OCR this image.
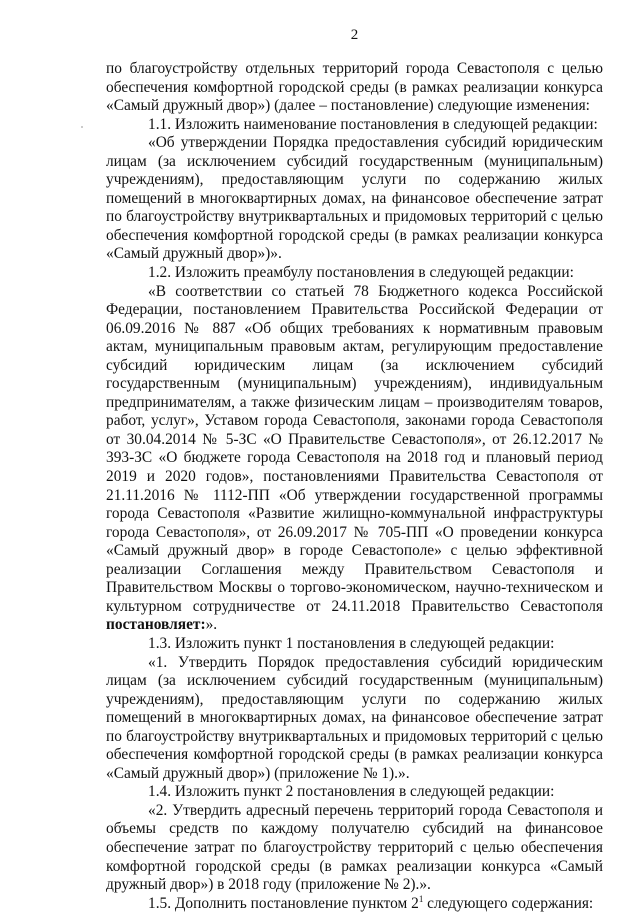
2

по благоустройству отдельных территорий города Севастополя с целью обеспечения комфортной городской среды (в рамках реализации конкурса «Самый дружный двор») (далее – постановление) следующие изменения:

1.1. Изложить наименование постановления в следующей редакции:

«Об утверждении Порядка предоставления субсидий юридическим лицам (за исключением субсидий государственным (муниципальным) учреждениям), предоставляющим услуги по содержанию жилых помещений в многоквартирных домах, на финансовое обеспечение затрат по благоустройству внутриквартальных и придомовых территорий с целью обеспечения комфортной городской среды (в рамках реализации конкурса «Самый дружный двор»)».

1.2. Изложить преамбулу постановления в следующей редакции:

«В соответствии со статьей 78 Бюджетного кодекса Российской Федерации, постановлением Правительства Российской Федерации от 06.09.2016 № 887 «Об общих требованиях к нормативным правовым актам, муниципальным правовым актам, регулирующим предоставление субсидий юридическим лицам (за исключением субсидий государственным (муниципальным) учреждениям), индивидуальным предпринимателям, а также физическим лицам – производителям товаров, работ, услуг», Уставом города Севастополя, законами города Севастополя от 30.04.2014 № 5-ЗС «О Правительстве Севастополя», от 26.12.2017 № 393-ЗС «О бюджете города Севастополя на 2018 год и плановый период 2019 и 2020 годов», постановлениями Правительства Севастополя от 21.11.2016 № 1112-ПП «Об утверждении государственной программы города Севастополя «Развитие жилищно-коммунальной инфраструктуры города Севастополя», от 26.09.2017 № 705-ПП «О проведении конкурса «Самый дружный двор» в городе Севастополе» с целью эффективной реализации Соглашения между Правительством Севастополя и Правительством Москвы о торгово-экономическом, научно-техническом и культурном сотрудничестве от 24.11.2018 Правительство Севастополя постановляет:».

1.3. Изложить пункт 1 постановления в следующей редакции:

«1. Утвердить Порядок предоставления субсидий юридическим лицам (за исключением субсидий государственным (муниципальным) учреждениям), предоставляющим услуги по содержанию жилых помещений в многоквартирных домах, на финансовое обеспечение затрат по благоустройству внутриквартальных и придомовых территорий с целью обеспечения комфортной городской среды (в рамках реализации конкурса «Самый дружный двор») (приложение № 1).».

1.4. Изложить пункт 2 постановления в следующей редакции:

«2. Утвердить адресный перечень территорий города Севастополя и объемы средств по каждому получателю субсидий на финансовое обеспечение затрат по благоустройству территорий с целью обеспечения комфортной городской среды (в рамках реализации конкурса «Самый дружный двор») в 2018 году (приложение № 2).».

1.5. Дополнить постановление пунктом $2^1$ следующего содержания:
